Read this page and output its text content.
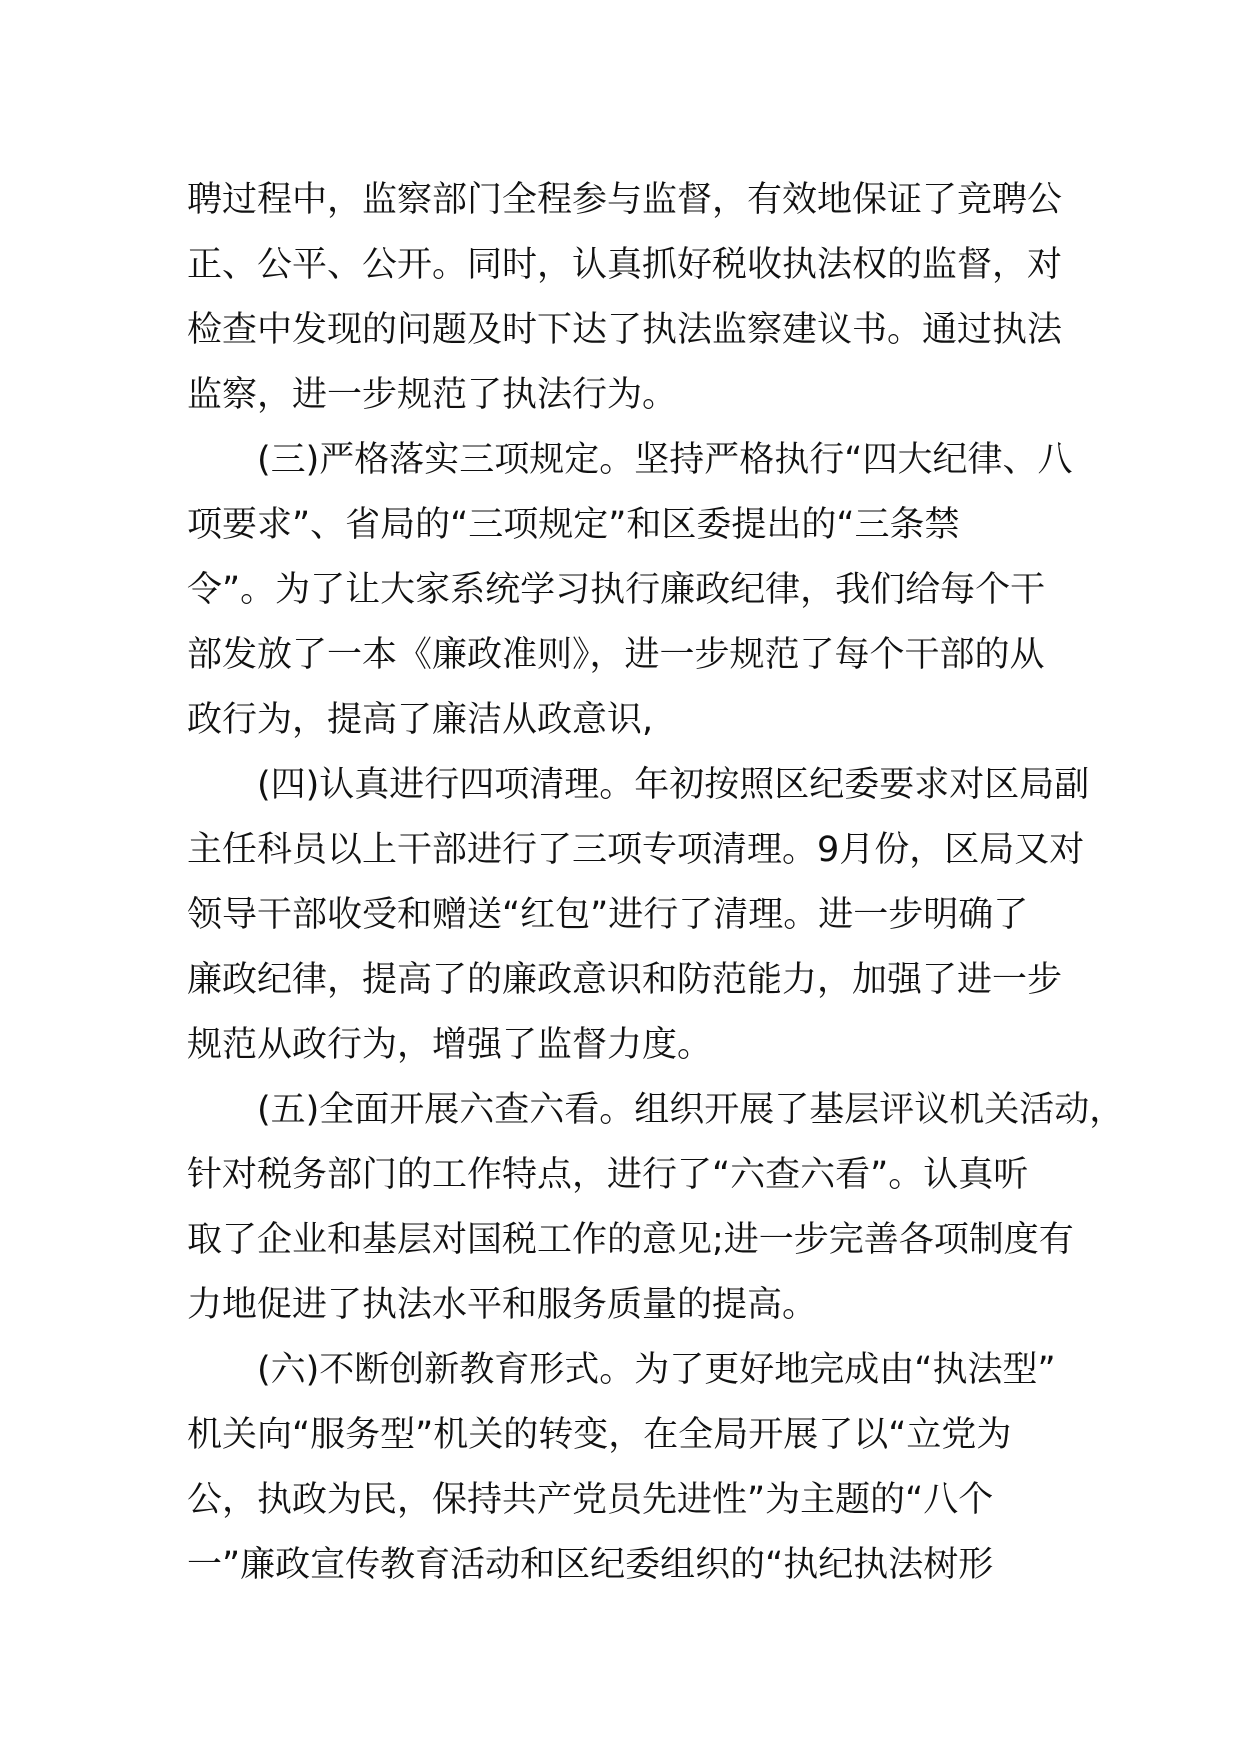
聘过程中，监察部门全程参与监督，有效地保证了竞聘公
正、公平、公开。同时，认真抓好税收执法权的监督，对
检查中发现的问题及时下达了执法监察建议书。通过执法
监察，进一步规范了执法行为。
(三)严格落实三项规定。坚持严格执行“四大纪律、八
项要求”、省局的“三项规定”和区委提出的“三条禁
令”。为了让大家系统学习执行廉政纪律，我们给每个干
部发放了一本《廉政准则》，进一步规范了每个干部的从
政行为，提高了廉洁从政意识,
(四)认真进行四项清理。年初按照区纪委要求对区局副
主任科员以上干部进行了三项专项清理。9月份，区局又对
领导干部收受和赠送“红包”进行了清理。进一步明确了
廉政纪律，提高了的廉政意识和防范能力，加强了进一步
规范从政行为，增强了监督力度。
(五)全面开展六查六看。组织开展了基层评议机关活动，
针对税务部门的工作特点，进行了“六查六看”。认真听
取了企业和基层对国税工作的意见;进一步完善各项制度有
力地促进了执法水平和服务质量的提高。
(六)不断创新教育形式。为了更好地完成由“执法型”
机关向“服务型”机关的转变，在全局开展了以“立党为
公，执政为民，保持共产党员先进性”为主题的“八个
一”廉政宣传教育活动和区纪委组织的“执纪执法树形
